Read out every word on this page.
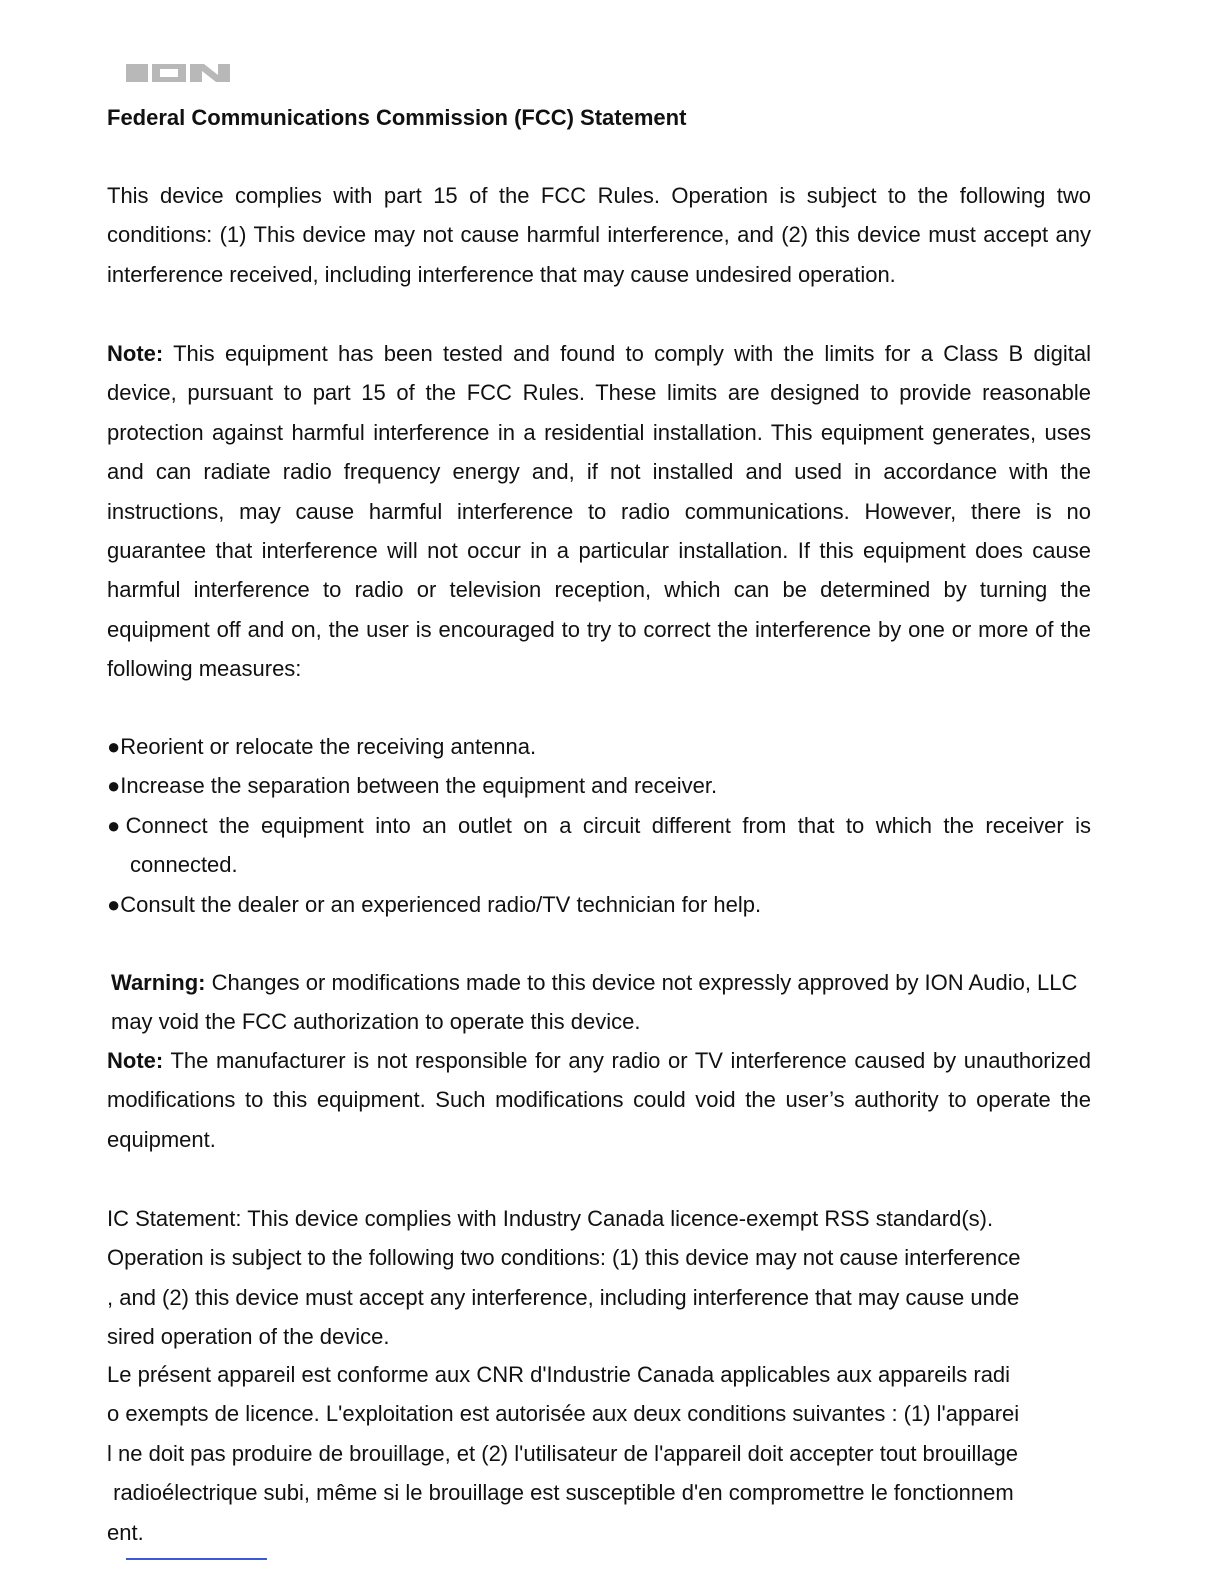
Federal Communications Commission (FCC) Statement
This device complies with part 15 of the FCC Rules. Operation is subject to the following two conditions: (1) This device may not cause harmful interference, and (2) this device must accept any interference received, including interference that may cause undesired operation.
Note: This equipment has been tested and found to comply with the limits for a Class B digital device, pursuant to part 15 of the FCC Rules. These limits are designed to provide reasonable protection against harmful interference in a residential installation. This equipment generates, uses and can radiate radio frequency energy and, if not installed and used in accordance with the instructions, may cause harmful interference to radio communications. However, there is no guarantee that interference will not occur in a particular installation. If this equipment does cause harmful interference to radio or television reception, which can be determined by turning the equipment off and on, the user is encouraged to try to correct the interference by one or more of the following measures:
●Reorient or relocate the receiving antenna.
●Increase the separation between the equipment and receiver.
●Connect the equipment into an outlet on a circuit different from that to which the receiver is connected.
●Consult the dealer or an experienced radio/TV technician for help.
Warning: Changes or modifications made to this device not expressly approved by ION Audio, LLC may void the FCC authorization to operate this device.
Note: The manufacturer is not responsible for any radio or TV interference caused by unauthorized modifications to this equipment. Such modifications could void the user’s authority to operate the equipment.
IC Statement: This device complies with Industry Canada licence-exempt RSS standard(s).
Operation is subject to the following two conditions: (1) this device may not cause interference
, and (2) this device must accept any interference, including interference that may cause unde
sired operation of the device.
Le présent appareil est conforme aux CNR d'Industrie Canada applicables aux appareils radi
o exempts de licence. L'exploitation est autorisée aux deux conditions suivantes : (1) l'apparei
l ne doit pas produire de brouillage, et (2) l'utilisateur de l'appareil doit accepter tout brouillage
radioélectrique subi, même si le brouillage est susceptible d'en compromettre le fonctionnem
ent.
